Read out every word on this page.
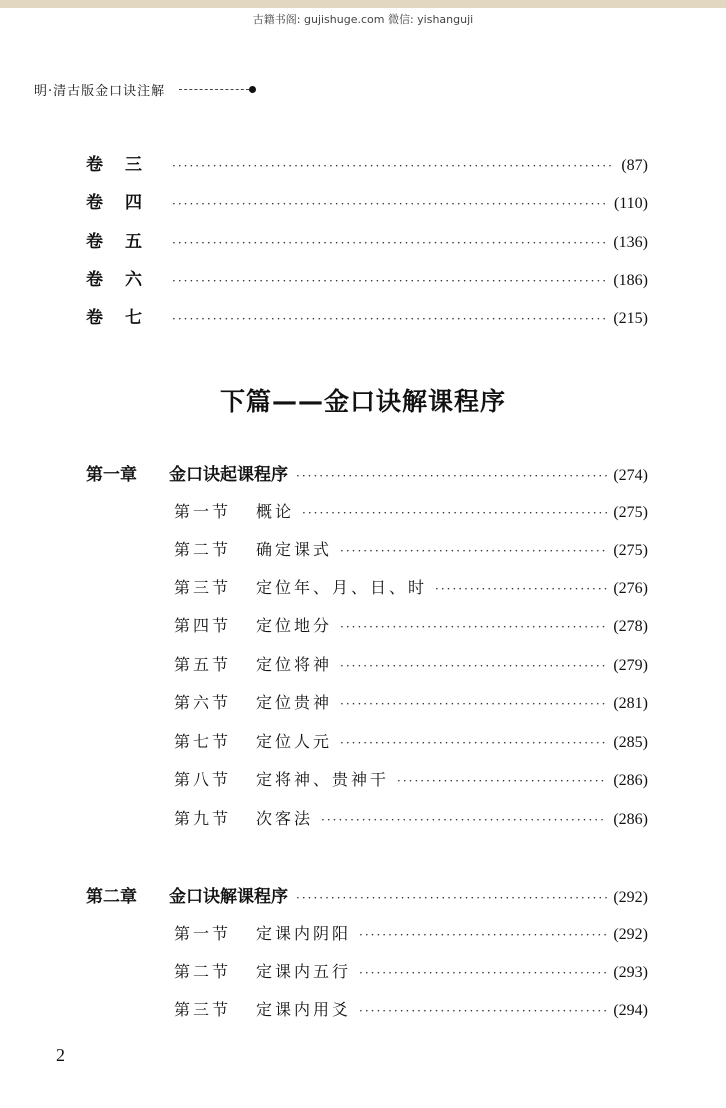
古籍书阁: gujishuge.com 微信: yishanguji
明·清古版金口诀注解
卷三 ·····	(87)
卷四 ·····	(110)
卷五 ·····	(136)
卷六 ·····	(186)
卷七 ·····	(215)
下篇——金口诀解课程序
第一章 金口诀起课程序 ·····	(274)
第一节	概论 ·····	(275)
第二节	确定课式 ·····	(275)
第三节	定位年、月、日、时 ·····	(276)
第四节	定位地分 ·····	(278)
第五节	定位将神 ·····	(279)
第六节	定位贵神 ·····	(281)
第七节	定位人元 ·····	(285)
第八节	定将神、贵神干 ·····	(286)
第九节	次客法 ·····	(286)
第二章 金口诀解课程序 ·····	(292)
第一节	定课内阴阳 ·····	(292)
第二节	定课内五行 ·····	(293)
第三节	定课内用爻 ·····	(294)
2
